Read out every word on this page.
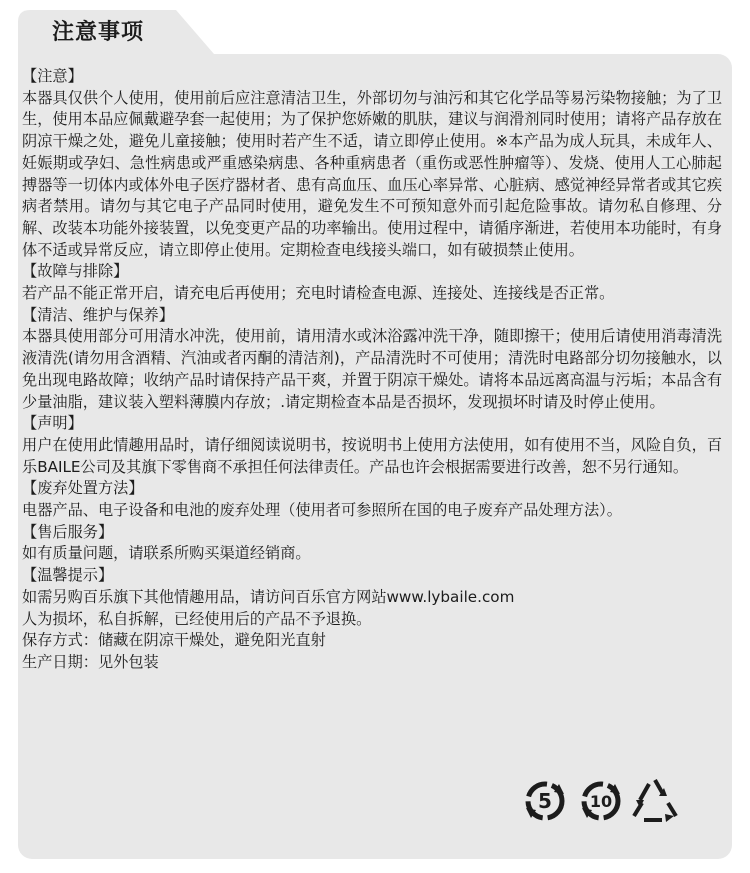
注意事项

【注意】
本器具仅供个人使用，使用前后应注意清洁卫生，外部切勿与油污和其它化学品等易污染物接触；为了卫生，使用本品应佩戴避孕套一起使用；为了保护您娇嫩的肌肤，建议与润滑剂同时使用；请将产品存放在阴凉干燥之处，避免儿童接触；使用时若产生不适，请立即停止使用。※本产品为成人玩具，未成年人、妊娠期或孕妇、急性病患或严重感染病患、各种重病患者（重伤或恶性肿瘤等）、发烧、使用人工心肺起搏器等一切体内或体外电子医疗器材者、患有高血压、血压心率异常、心脏病、感觉神经异常者或其它疾病者禁用。请勿与其它电子产品同时使用，避免发生不可预知意外而引起危险事故。请勿私自修理、分解、改装本功能外接装置，以免变更产品的功率输出。使用过程中，请循序渐进，若使用本功能时，有身体不适或异常反应，请立即停止使用。定期检查电线接头端口，如有破损禁止使用。

【故障与排除】
若产品不能正常开启，请充电后再使用；充电时请检查电源、连接处、连接线是否正常。

【清洁、维护与保养】
本器具使用部分可用清水冲洗，使用前，请用清水或沐浴露冲洗干净，随即擦干；使用后请使用消毒清洗液清洗(请勿用含酒精、汽油或者丙酮的清洁剂)，产品清洗时不可使用；清洗时电路部分切勿接触水，以免出现电路故障；收纳产品时请保持产品干爽，并置于阴凉干燥处。请将本品远离高温与污垢；本品含有少量油脂，建议装入塑料薄膜内存放；.请定期检查本品是否损坏，发现损坏时请及时停止使用。

【声明】
用户在使用此情趣用品时，请仔细阅读说明书，按说明书上使用方法使用，如有使用不当，风险自负，百乐BAILE公司及其旗下零售商不承担任何法律责任。产品也许会根据需要进行改善，恕不另行通知。

【废弃处置方法】
电器产品、电子设备和电池的废弃处理（使用者可参照所在国的电子废弃产品处理方法）。

【售后服务】
如有质量问题，请联系所购买渠道经销商。

【温馨提示】
如需另购百乐旗下其他情趣用品，请访问百乐官方网站www.lybaile.com

人为损坏，私自拆解，已经使用后的产品不予退换。

保存方式：储藏在阴凉干燥处，避免阳光直射

生产日期：见外包装

5 10
